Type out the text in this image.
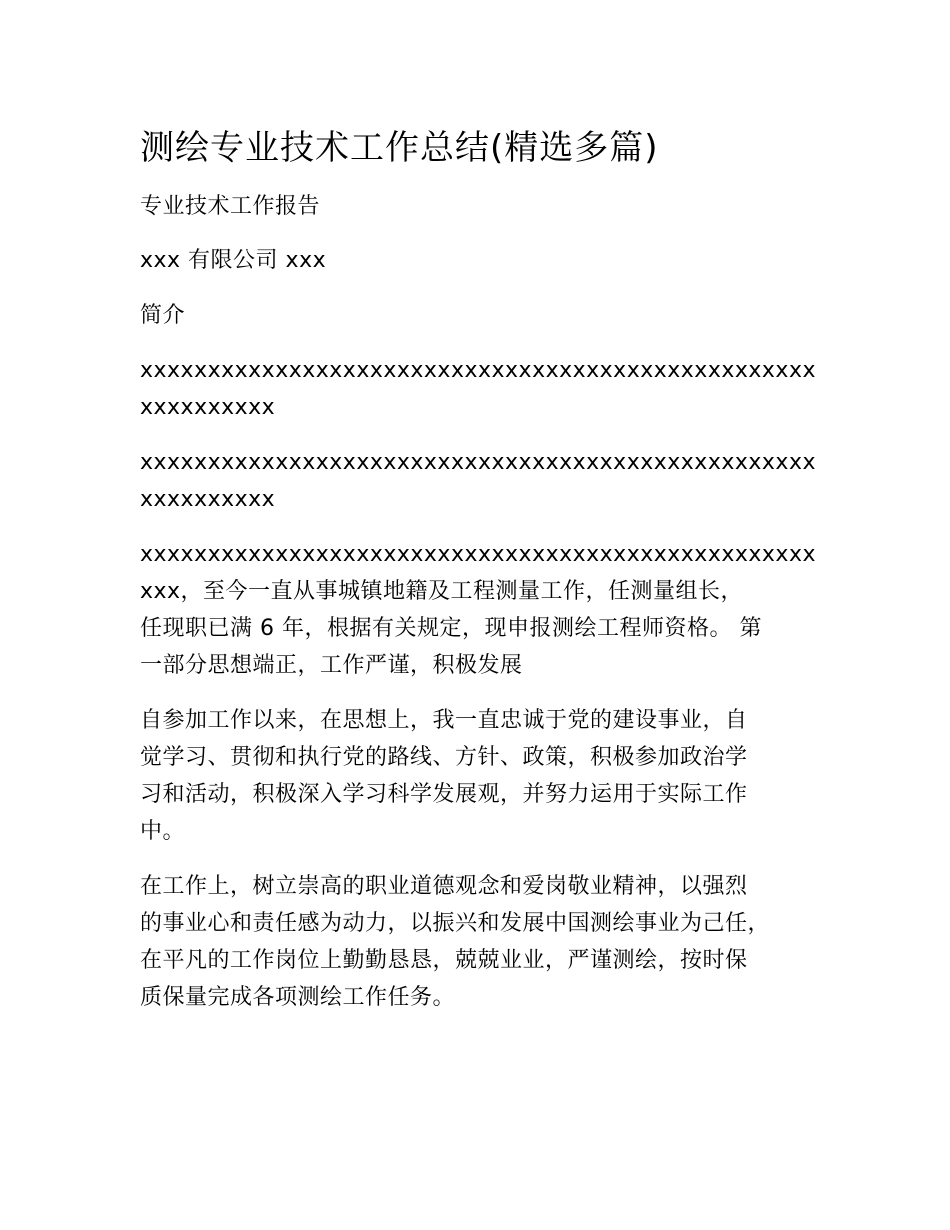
测绘专业技术工作总结(精选多篇)

专业技术工作报告

xxx 有限公司 xxx

简介

xxxxxxxxxxxxxxxxxxxxxxxxxxxxxxxxxxxxxxxxxxxxxxxxxx
xxxxxxxxxx

xxxxxxxxxxxxxxxxxxxxxxxxxxxxxxxxxxxxxxxxxxxxxxxxxx
xxxxxxxxxx

xxxxxxxxxxxxxxxxxxxxxxxxxxxxxxxxxxxxxxxxxxxxxxxxxx
xxx，至今一直从事城镇地籍及工程测量工作，任测量组长，
任现职已满 6 年，根据有关规定，现申报测绘工程师资格。 第
一部分思想端正，工作严谨，积极发展

自参加工作以来，在思想上，我一直忠诚于党的建设事业，自
觉学习、贯彻和执行党的路线、方针、政策，积极参加政治学
习和活动，积极深入学习科学发展观，并努力运用于实际工作
中。

在工作上，树立崇高的职业道德观念和爱岗敬业精神，以强烈
的事业心和责任感为动力，以振兴和发展中国测绘事业为己任，
在平凡的工作岗位上勤勤恳恳，兢兢业业，严谨测绘，按时保
质保量完成各项测绘工作任务。
